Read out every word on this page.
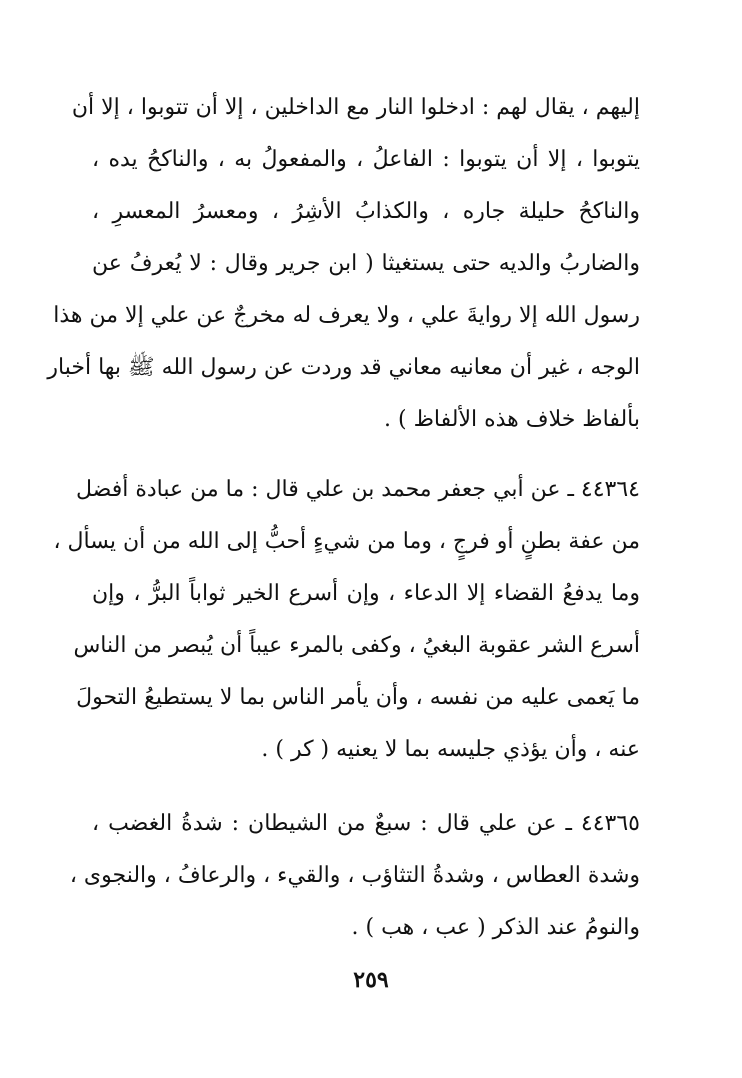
إليهم ، يقال لهم : ادخلوا النار مع الداخلين ، إلا أن تتوبوا ، إلا أن
يتوبوا ، إلا أن يتوبوا : الفاعلُ ، والمفعولُ به ، والناكحُ يده ،
والناكحُ حليلة جاره ، والكذابُ الأشِرُ ، ومعسرُ المعسرِ ،
والضاربُ والديه حتى يستغيثا ( ابن جرير وقال : لا يُعرفُ عن
رسول الله إلا روايةَ علي ، ولا يعرف له مخرجٌ عن علي إلا من هذا
الوجه ، غير أن معانيه معاني قد وردت عن رسول الله ﷺ بها أخبار
بألفاظ خلاف هذه الألفاظ ) .
٤٤٣٦٤ ـ عن أبي جعفر محمد بن علي قال : ما من عبادة أفضل
من عفة بطنٍ أو فرجٍ ، وما من شيءٍ أحبُّ إلى الله من أن يسأل ،
وما يدفعُ القضاء إلا الدعاء ، وإن أسرع الخير ثواباً البرُّ ، وإن
أسرع الشر عقوبة البغيُ ، وكفى بالمرء عيباً أن يُبصر من الناس
ما يَعمى عليه من نفسه ، وأن يأمر الناس بما لا يستطيعُ التحولَ
عنه ، وأن يؤذي جليسه بما لا يعنيه ( كر ) .
٤٤٣٦٥ ـ عن علي قال : سبعٌ من الشيطان : شدةُ الغضب ،
وشدة العطاس ، وشدةُ التثاؤب ، والقيء ، والرعافُ ، والنجوى ،
والنومُ عند الذكر ( عب ، هب ) .
٢٥٩
